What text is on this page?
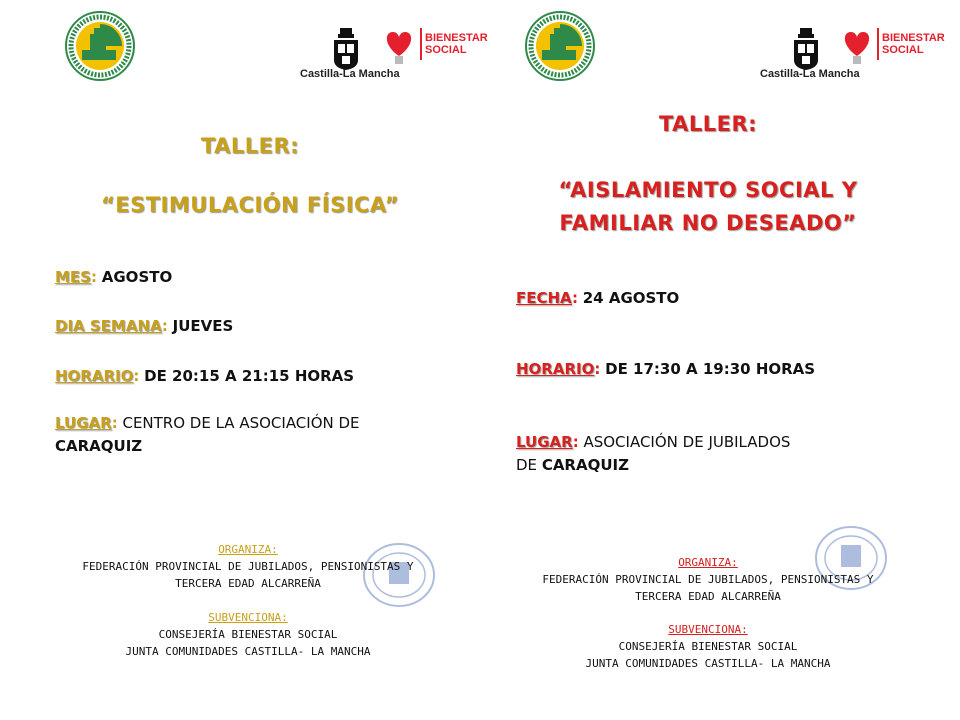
Castilla-La Mancha
BIENESTAR
SOCIAL
TALLER:
“ESTIMULACIÓN FÍSICA”
MES: AGOSTO
DIA SEMANA: JUEVES
HORARIO: DE 20:15 A 21:15 HORAS
LUGAR: CENTRO DE LA ASOCIACIÓN DE
CARAQUIZ
ORGANIZA:
FEDERACIÓN PROVINCIAL DE JUBILADOS, PENSIONISTAS Y
TERCERA EDAD ALCARREÑA
SUBVENCIONA:
CONSEJERÍA BIENESTAR SOCIAL
JUNTA COMUNIDADES CASTILLA- LA MANCHA
Castilla-La Mancha
BIENESTAR
SOCIAL
TALLER:
“AISLAMIENTO SOCIAL Y
FAMILIAR NO DESEADO”
FECHA: 24 AGOSTO
HORARIO: DE 17:30 A 19:30 HORAS
LUGAR: ASOCIACIÓN DE JUBILADOS
DE CARAQUIZ
ORGANIZA:
FEDERACIÓN PROVINCIAL DE JUBILADOS, PENSIONISTAS Y
TERCERA EDAD ALCARREÑA
SUBVENCIONA:
CONSEJERÍA BIENESTAR SOCIAL
JUNTA COMUNIDADES CASTILLA- LA MANCHA
